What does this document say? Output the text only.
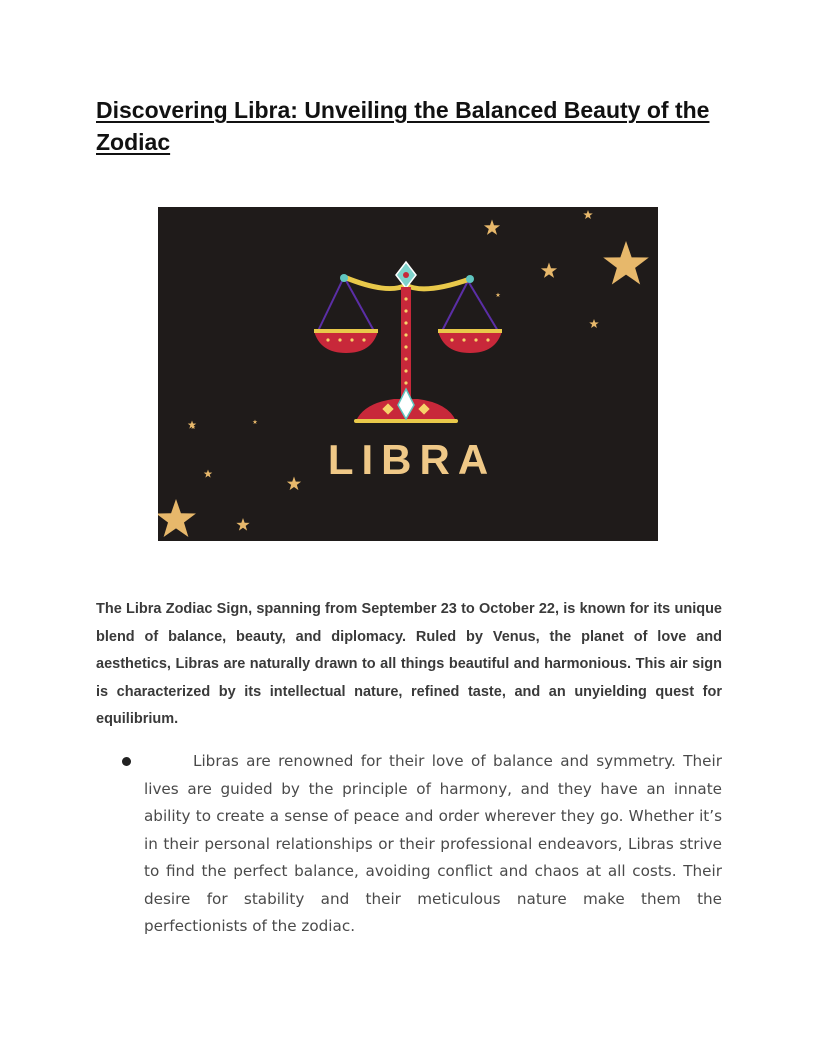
Discovering Libra: Unveiling the Balanced Beauty of the Zodiac
LIBRA

The Libra Zodiac Sign, spanning from September 23 to October 22, is known for its unique blend of balance, beauty, and diplomacy. Ruled by Venus, the planet of love and aesthetics, Libras are naturally drawn to all things beautiful and harmonious. This air sign is characterized by its intellectual nature, refined taste, and an unyielding quest for equilibrium.

Libras are renowned for their love of balance and symmetry. Their lives are guided by the principle of harmony, and they have an innate ability to create a sense of peace and order wherever they go. Whether it’s in their personal relationships or their professional endeavors, Libras strive to find the perfect balance, avoiding conflict and chaos at all costs. Their desire for stability and their meticulous nature make them the perfectionists of the zodiac.
